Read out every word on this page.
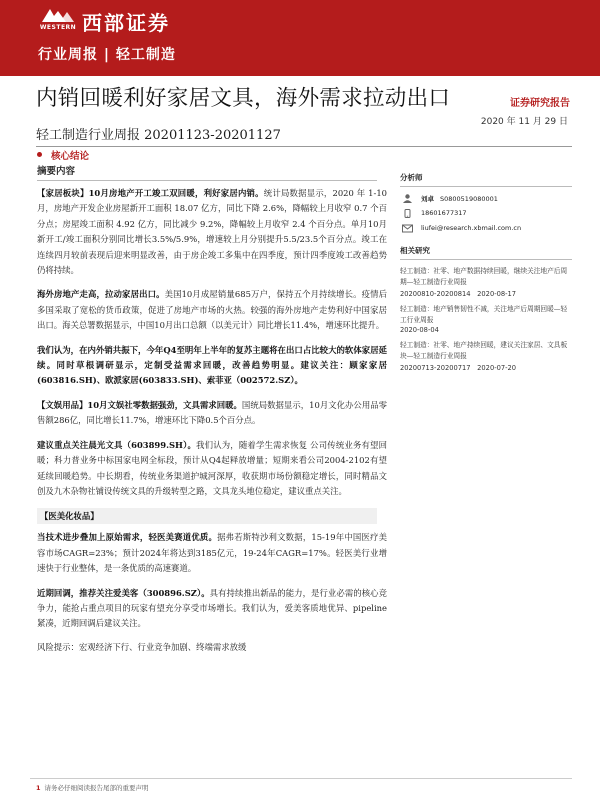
WESTERN 西部证券
行业周报 | 轻工制造
内销回暖利好家居文具，海外需求拉动出口	证券研究报告
2020 年 11 月 29 日
轻工制造行业周报 20201123-20201127
核心结论
摘要内容
【家居板块】10月房地产开工竣工双回暖，利好家居内销。统计局数据显示，2020 年 1-10 月，房地产开发企业房屋新开工面积 18.07 亿方，同比下降 2.6%，降幅较上月收窄 0.7 个百分点；房屋竣工面积 4.92 亿方，同比减少 9.2%，降幅较上月收窄 2.4 个百分点。单月10月新开工/竣工面积分别同比增长3.5%/5.9%，增速较上月分别提升5.5/23.5个百分点。竣工在连续四月较前表现后迎来明显改善，由于房企竣工多集中在四季度，预计四季度竣工改善趋势仍将持续。
海外房地产走高，拉动家居出口。美国10月成屋销量685万户，保持五个月持续增长。疫情后多国采取了宽松的货币政策，促进了房地产市场的火热。较强的海外房地产走势利好中国家居出口。海关总署数据显示，中国10月出口总额（以美元计）同比增长11.4%，增速环比提升。
我们认为，在内外销共振下，今年Q4至明年上半年的复苏主题将在出口占比较大的软体家居延续。同时草根调研显示，定制受益需求回暖，改善趋势明显。建议关注：顾家家居(603816.SH)、欧派家居(603833.SH)、索菲亚（002572.SZ）。
【文娱用品】10月文娱社零数据强劲，文具需求回暖。国统局数据显示，10月文化办公用品零售额286亿，同比增长11.7%，增速环比下降0.5个百分点。
建议重点关注晨光文具（603899.SH）。我们认为，随着学生需求恢复 公司传统业务有望回暖；科力普业务中标国家电网全标段，预计从Q4起释放增量；短期来看公司2004-2102有望延续回暖趋势。中长期看，传统业务渠道护城河深厚，收获期市场份额稳定增长，同时精品文创及九木杂物社铺设传统文具的升级转型之路，文具龙头地位稳定，建议重点关注。
【医美化妆品】
当技术进步叠加上原始需求，轻医美赛道优质。据弗若斯特沙利文数据，15-19年中国医疗美容市场CAGR=23%；预计2024年将达到3185亿元，19-24年CAGR=17%。轻医美行业增速快于行业整体，是一条优质的高速赛道。
近期回调，推荐关注爱美客（300896.SZ）。具有持续推出新品的能力，是行业必需的核心竞争力，能抢占重点项目的玩家有望充分享受市场增长。我们认为，爱美客质地优异、pipeline紧凑，近期回调后建议关注。
风险提示：宏观经济下行、行业竞争加剧、终端需求放缓
分析师
刘卓 S0800519080001
18601677317
liufei@research.xbmail.com.cn
相关研究
轻工制造：社零、地产数据持续回暖，继续关注地产后周期—轻工制造行业周报
20200810-20200814　2020-08-17
轻工制造：地产销售韧性不减，关注地产后周期回暖—轻工行业周报
2020-08-04
轻工制造：社零、地产持续回暖，建议关注家居、文具板块—轻工制造行业周报
20200713-20200717　2020-07-20
1 请务必仔细阅读报告尾部的重要声明
